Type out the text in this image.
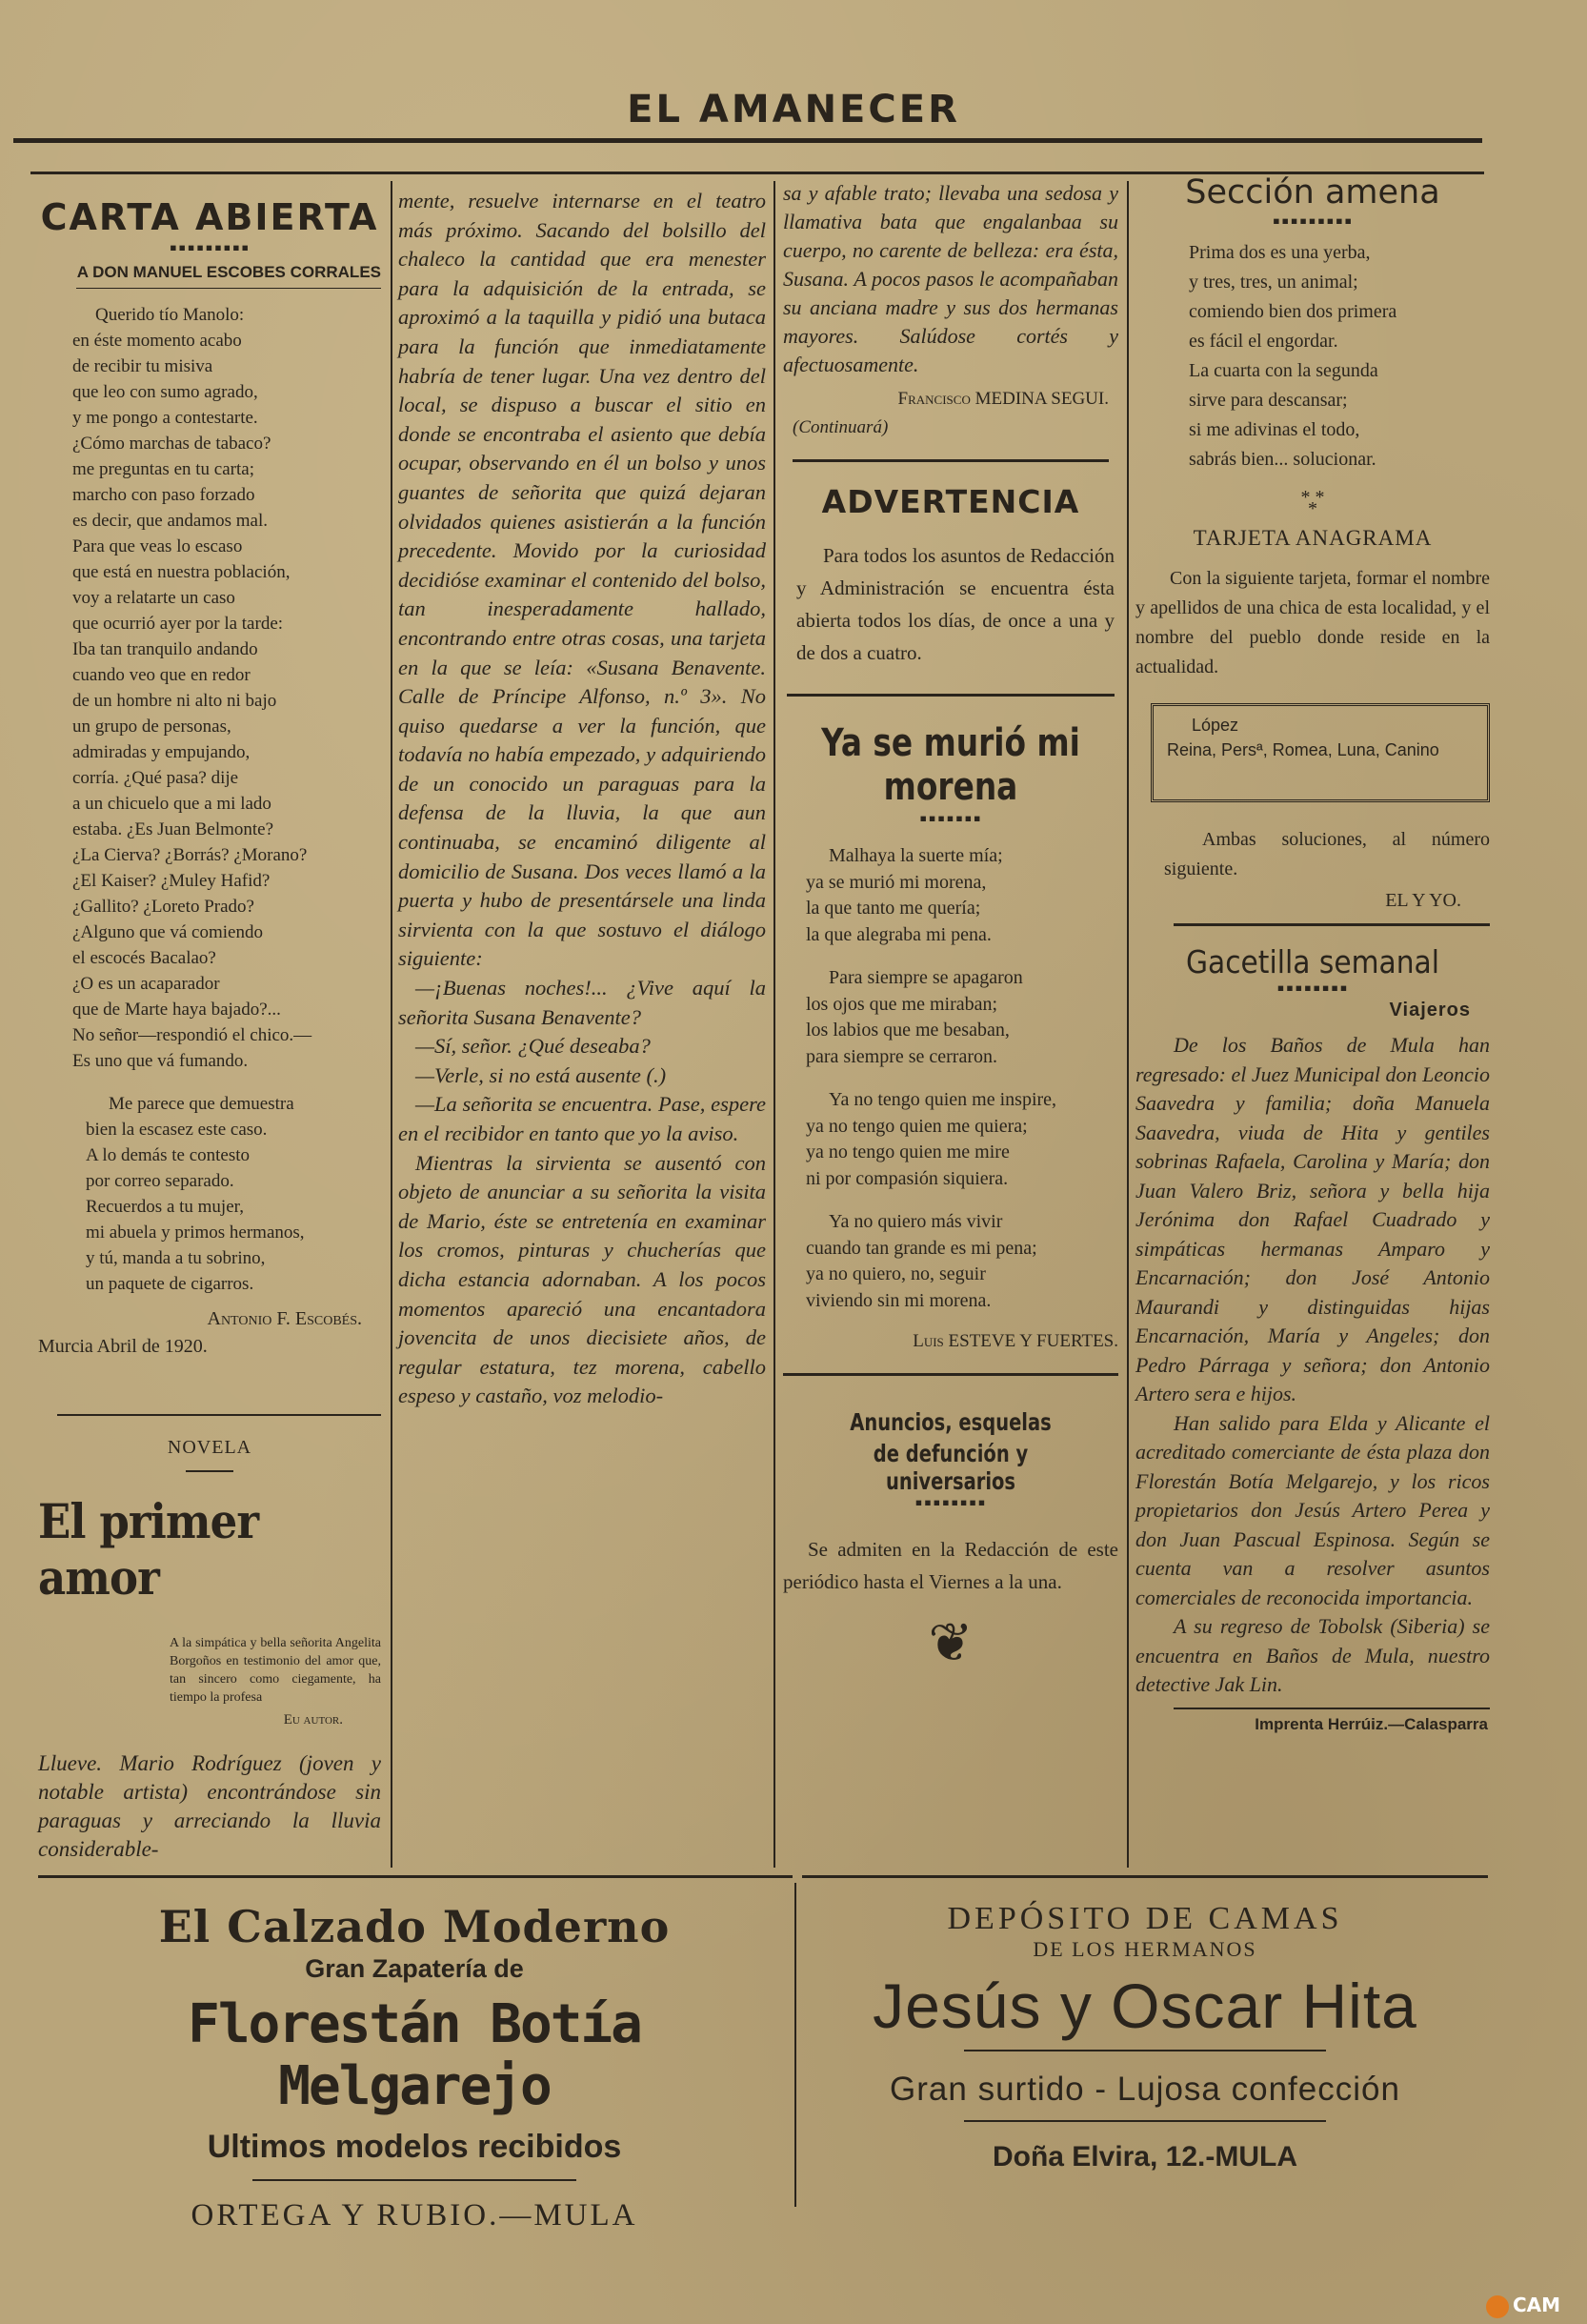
EL AMANECER
CARTA ABIERTA
▪▪▪▪▪▪▪▪▪
A DON MANUEL ESCOBES CORRALES

Querido tío Manolo:

en éste momento acabo

de recibir tu misiva

que leo con sumo agrado,

y me pongo a contestarte.

¿Cómo marchas de tabaco?

me preguntas en tu carta;

marcho con paso forzado

es decir, que andamos mal.

Para que veas lo escaso

que está en nuestra población,

voy a relatarte un caso

que ocurrió ayer por la tarde:

Iba tan tranquilo andando

cuando veo que en redor

de un hombre ni alto ni bajo

un grupo de personas,

admiradas y empujando,

corría. ¿Qué pasa? dije

a un chicuelo que a mi lado

estaba. ¿Es Juan Belmonte?

¿La Cierva? ¿Borrás? ¿Morano?

¿El Kaiser? ¿Muley Hafid?

¿Gallito? ¿Loreto Prado?

¿Alguno que vá comiendo

el escocés Bacalao?

¿O es un acaparador

que de Marte haya bajado?...

No señor—respondió el chico.—

Es uno que vá fumando.

Me parece que demuestra

bien la escasez este caso.

A lo demás te contesto

por correo separado.

Recuerdos a tu mujer,

mi abuela y primos hermanos,

y tú, manda a tu sobrino,

un paquete de cigarros.

Antonio F. Escobés.
Murcia Abril de 1920.
NOVELA
El primer amor
A la simpática y bella señorita Angelita Borgoños en testimonio del amor que, tan sincero como ciegamente, ha tiempo la profesa
Eu autor.
Llueve. Mario Rodríguez (joven y notable artista) encontrándose sin paraguas y arreciando la lluvia considerable-

mente, resuelve internarse en el teatro más próximo. Sacando del bolsillo del chaleco la cantidad que era menester para la adquisición de la entrada, se aproximó a la taquilla y pidió una butaca para la función que inmediatamente habría de tener lugar. Una vez dentro del local, se dispuso a buscar el sitio en donde se encontraba el asiento que debía ocupar, observando en él un bolso y unos guantes de señorita que quizá dejaran olvidados quienes asistierán a la función precedente. Movido por la curiosidad decidióse examinar el contenido del bolso, tan inesperadamente hallado, encontrando entre otras cosas, una tarjeta en la que se leía: «Susana Benavente. Calle de Príncipe Alfonso, n.º 3». No quiso quedarse a ver la función, que todavía no había empezado, y adquiriendo de un conocido un paraguas para la defensa de la lluvia, la que aun continuaba, se encaminó diligente al domicilio de Susana. Dos veces llamó a la puerta y hubo de presentársele una linda sirvienta con la que sostuvo el diálogo siguiente:

—¡Buenas noches!... ¿Vive aquí la señorita Susana Benavente?

—Sí, señor. ¿Qué deseaba?

—Verle, si no está ausente (.)

—La señorita se encuentra. Pase, espere en el recibidor en tanto que yo la aviso.

Mientras la sirvienta se ausentó con objeto de anunciar a su señorita la visita de Mario, éste se entretenía en examinar los cromos, pinturas y chucherías que dicha estancia adornaban. A los pocos momentos apareció una encantadora jovencita de unos diecisiete años, de regular estatura, tez morena, cabello espeso y castaño, voz melodio-

sa y afable trato; llevaba una sedosa y llamativa bata que engalanbaa su cuerpo, no carente de belleza: era ésta, Susana. A pocos pasos le acompañaban su anciana madre y sus dos hermanas mayores. Salúdose cortés y afectuosamente.
Francisco MEDINA SEGUI.
(Continuará)
ADVERTENCIA
Para todos los asuntos de Redacción y Administración se encuentra ésta abierta todos los días, de once a una y de dos a cuatro.
Ya se murió mi morena
▪▪▪▪▪▪▪

Malhaya la suerte mía;

ya se murió mi morena,

la que tanto me quería;

la que alegraba mi pena.

Para siempre se apagaron

los ojos que me miraban;

los labios que me besaban,

para siempre se cerraron.

Ya no tengo quien me inspire,

ya no tengo quien me quiera;

ya no tengo quien me mire

ni por compasión siquiera.

Ya no quiero más vivir

cuando tan grande es mi pena;

ya no quiero, no, seguir

viviendo sin mi morena.

Luis ESTEVE Y FUERTES.
Anuncios, esquelas
de defunción y universarios
▪▪▪▪▪▪▪▪
Se admiten en la Redacción de este periódico hasta el Viernes a la una.
❦
Sección amena
▪▪▪▪▪▪▪▪▪

Prima dos es una yerba,

y tres, tres, un animal;

comiendo bien dos primera

es fácil el engordar.

La cuarta con la segunda

sirve para descansar;

si me adivinas el todo,

sabrás bien... solucionar.

* *
*
TARJETA ANAGRAMA
Con la siguiente tarjeta, formar el nombre y apellidos de una chica de esta localidad, y el nombre del pueblo donde reside en la actualidad.
López
Reina, Persª, Romea, Luna, Canino
Ambas soluciones, al número siguiente.
EL Y YO.
Gacetilla semanal
▪▪▪▪▪▪▪▪
Viajeros
De los Baños de Mula han regresado: el Juez Municipal don Leoncio Saavedra y familia; doña Manuela Saavedra, viuda de Hita y gentiles sobrinas Rafaela, Carolina y María; don Juan Valero Briz, señora y bella hija Jerónima don Rafael Cuadrado y simpáticas hermanas Amparo y Encarnación; don José Antonio Maurandi y distinguidas hijas Encarnación, María y Angeles; don Pedro Párraga y señora; don Antonio Artero sera e hijos.
Han salido para Elda y Alicante el acreditado comerciante de ésta plaza don Florestán Botía Melgarejo, y los ricos propietarios don Jesús Artero Perea y don Juan Pascual Espinosa. Según se cuenta van a resolver asuntos comerciales de reconocida importancia.
A su regreso de Tobolsk (Siberia) se encuentra en Baños de Mula, nuestro detective Jak Lin.
Imprenta Herrúiz.—Calasparra
El Calzado Moderno
Gran Zapatería de
Florestán Botía Melgarejo
Ultimos modelos recibidos
ORTEGA Y RUBIO.—MULA
DEPÓSITO DE CAMAS
DE LOS HERMANOS
Jesús y Oscar Hita
Gran surtido - Lujosa confección
Doña Elvira, 12.-MULA
CAM
